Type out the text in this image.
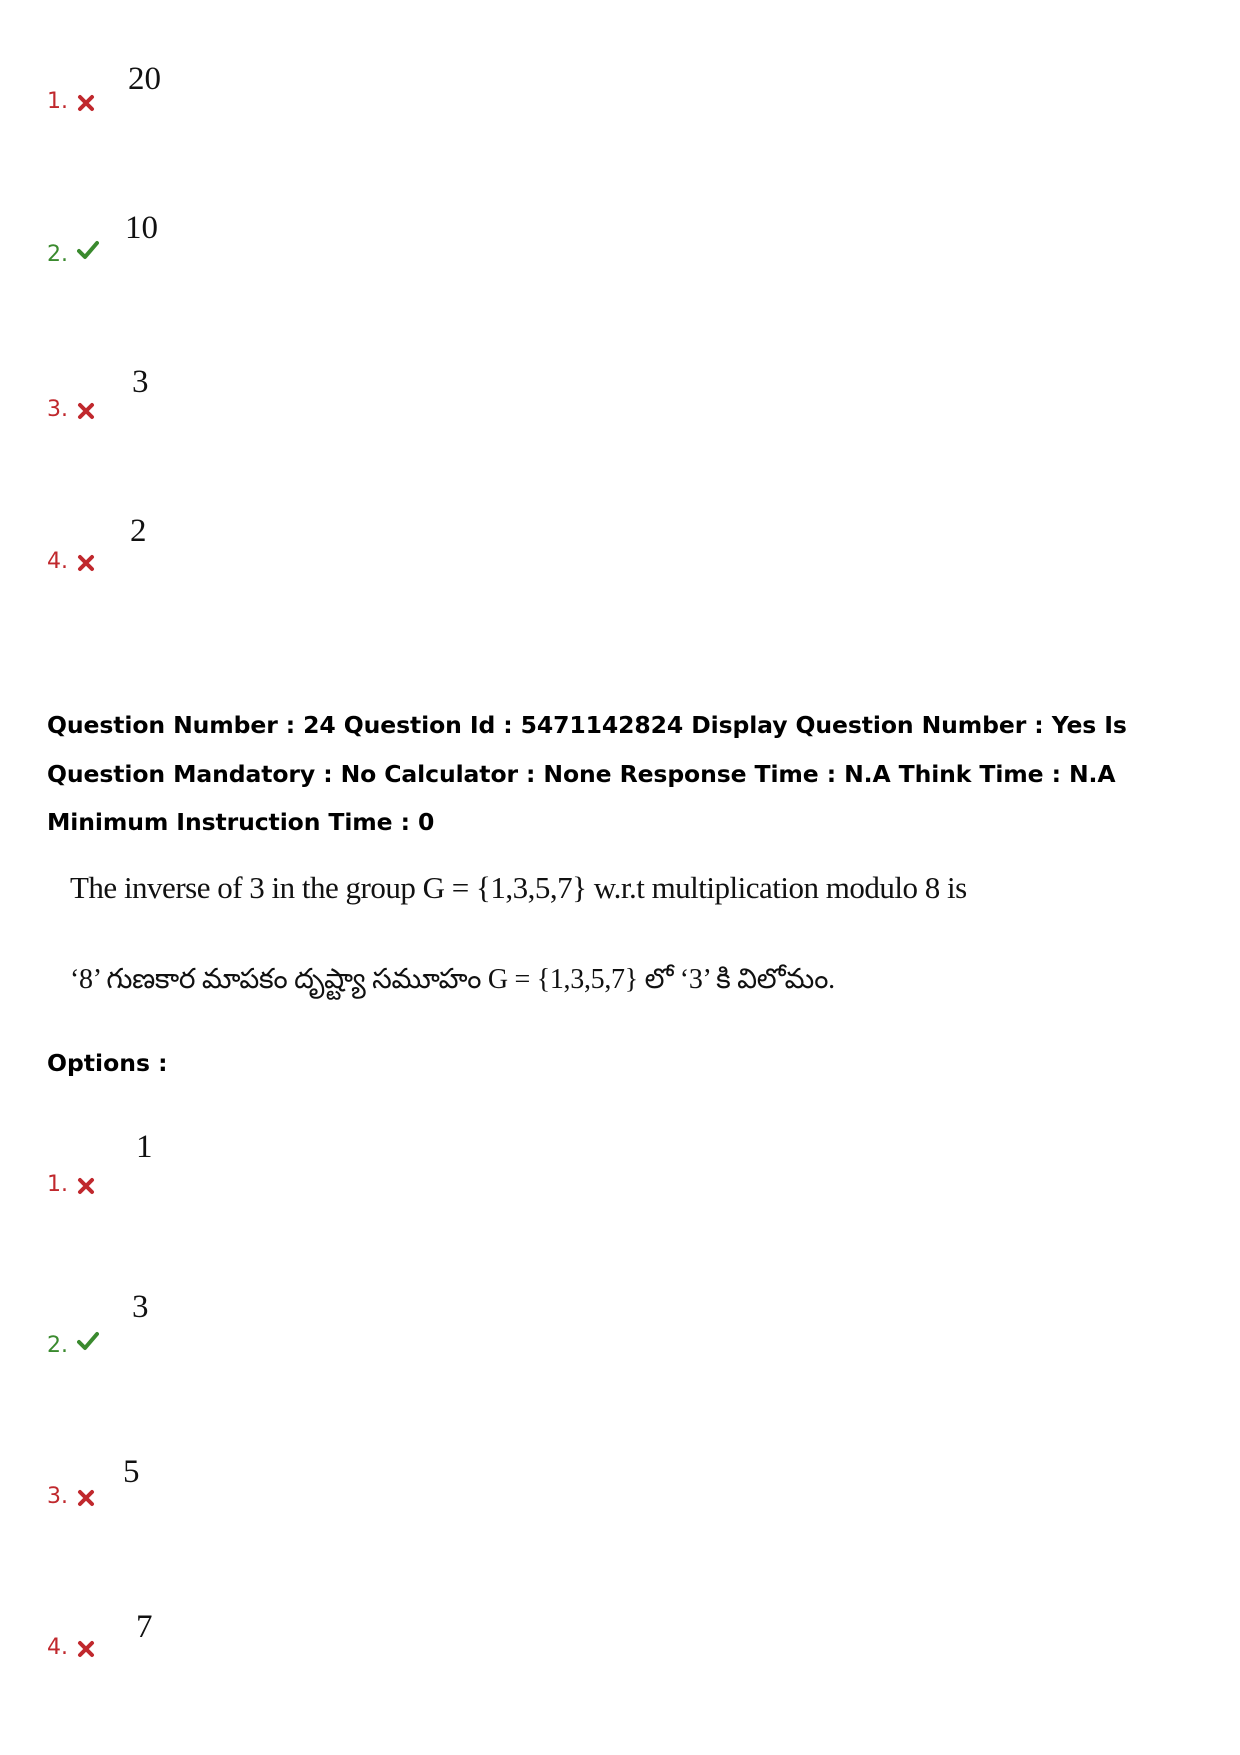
1.
20
2.
10
3.
3
4.
2
Question Number : 24 Question Id : 5471142824 Display Question Number : Yes Is Question Mandatory : No Calculator : None Response Time : N.A Think Time : N.A Minimum Instruction Time : 0
The inverse of 3 in the group G = {1,3,5,7} w.r.t multiplication modulo 8 is
‘8’ గుణకార మాపకం దృష్ట్యా సమూహం G = {1,3,5,7} లో ‘3’ కి విలోమం.
Options :
1.
1
2.
3
3.
5
4.
7
